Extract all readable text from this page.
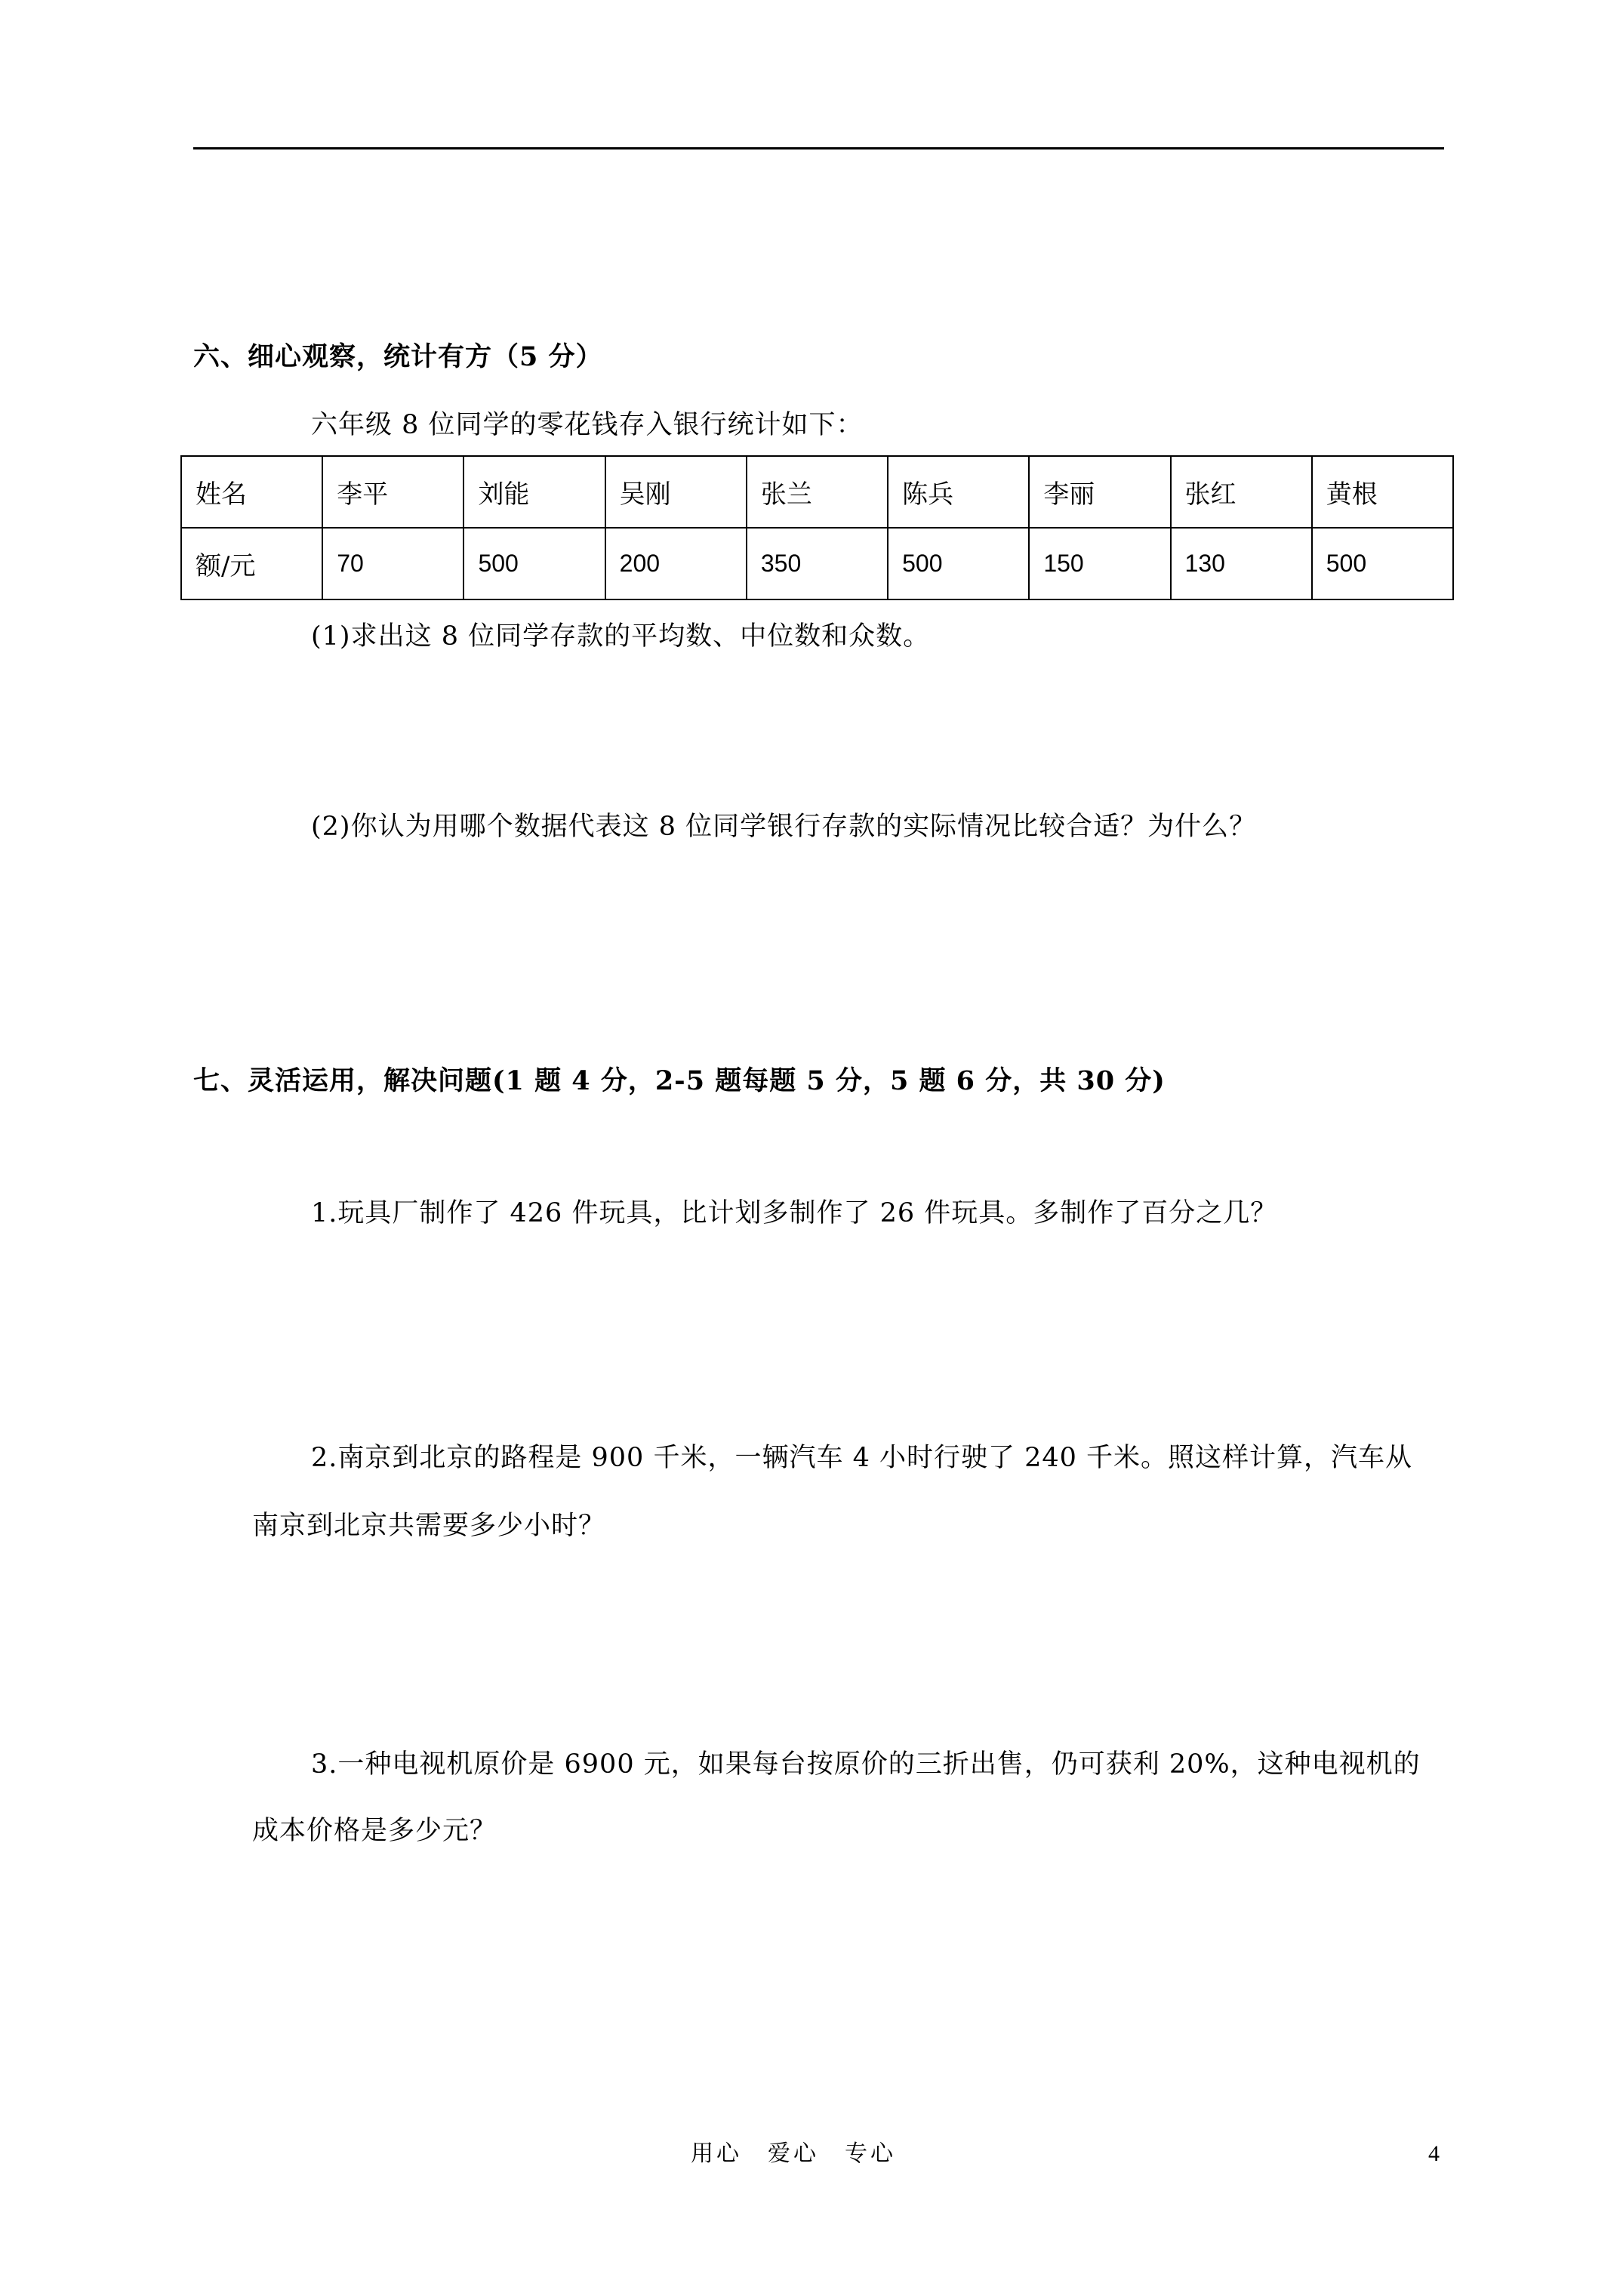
六、细心观察，统计有方（5 分）
六年级 8 位同学的零花钱存入银行统计如下：
姓名	李平	刘能	吴刚	张兰	陈兵	李丽	张红	黄根
额/元	70	500	200	350	500	150	130	500
(1)求出这 8 位同学存款的平均数、中位数和众数。
(2)你认为用哪个数据代表这 8 位同学银行存款的实际情况比较合适？为什么？
七、灵活运用，解决问题(1 题 4 分，2-5 题每题 5 分，5 题 6 分，共 30 分)
1.玩具厂制作了 426 件玩具，比计划多制作了 26 件玩具。多制作了百分之几？
2.南京到北京的路程是 900 千米，一辆汽车 4 小时行驶了 240 千米。照这样计算，汽车从
南京到北京共需要多少小时？
3.一种电视机原价是 6900 元，如果每台按原价的三折出售，仍可获利 20%，这种电视机的
成本价格是多少元？
用心　爱心　专心	4
